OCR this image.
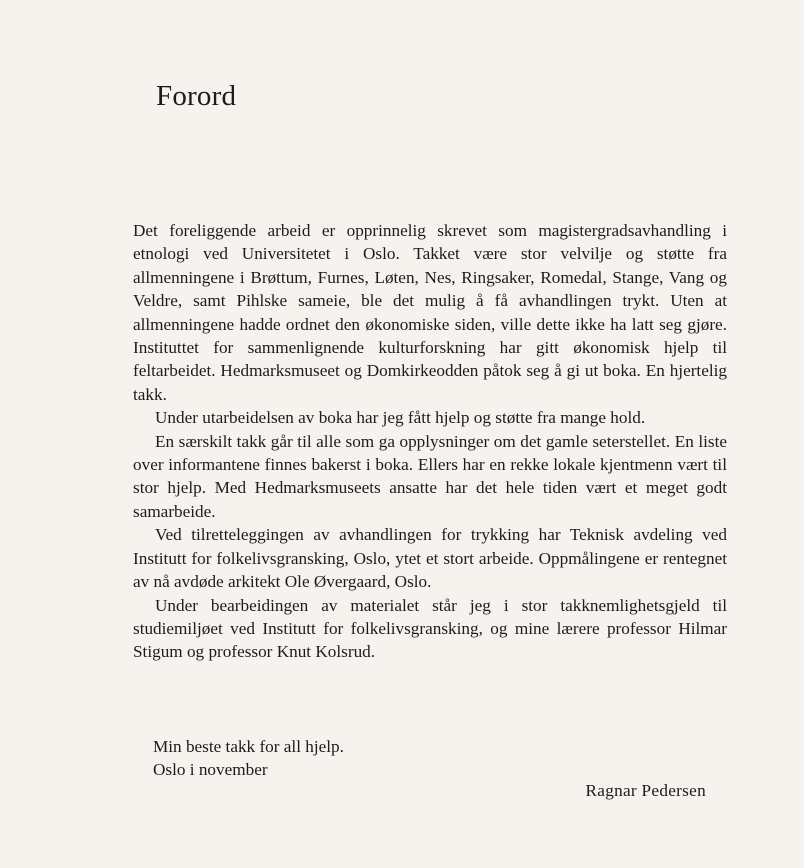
Forord

Det foreliggende arbeid er opprinnelig skrevet som magistergradsavhandling i etnologi ved Universitetet i Oslo. Takket være stor velvilje og støtte fra allmenningene i Brøttum, Furnes, Løten, Nes, Ringsaker, Romedal, Stange, Vang og Veldre, samt Pihlske sameie, ble det mulig å få avhandlingen trykt. Uten at allmenningene hadde ordnet den økonomiske siden, ville dette ikke ha latt seg gjøre. Instituttet for sammenlignende kulturforskning har gitt økonomisk hjelp til feltarbeidet. Hedmarksmuseet og Domkirkeodden påtok seg å gi ut boka. En hjertelig takk.

Under utarbeidelsen av boka har jeg fått hjelp og støtte fra mange hold.

En særskilt takk går til alle som ga opplysninger om det gamle seterstellet. En liste over informantene finnes bakerst i boka. Ellers har en rekke lokale kjentmenn vært til stor hjelp. Med Hedmarksmuseets ansatte har det hele tiden vært et meget godt samarbeide.

Ved tilretteleggingen av avhandlingen for trykking har Teknisk avdeling ved Institutt for folkelivsgransking, Oslo, ytet et stort arbeide. Oppmålingene er rentegnet av nå avdøde arkitekt Ole Øvergaard, Oslo.

Under bearbeidingen av materialet står jeg i stor takknemlighetsgjeld til studiemiljøet ved Institutt for folkelivsgransking, og mine lærere professor Hilmar Stigum og professor Knut Kolsrud.

Min beste takk for all hjelp.
Oslo i november
Ragnar Pedersen
